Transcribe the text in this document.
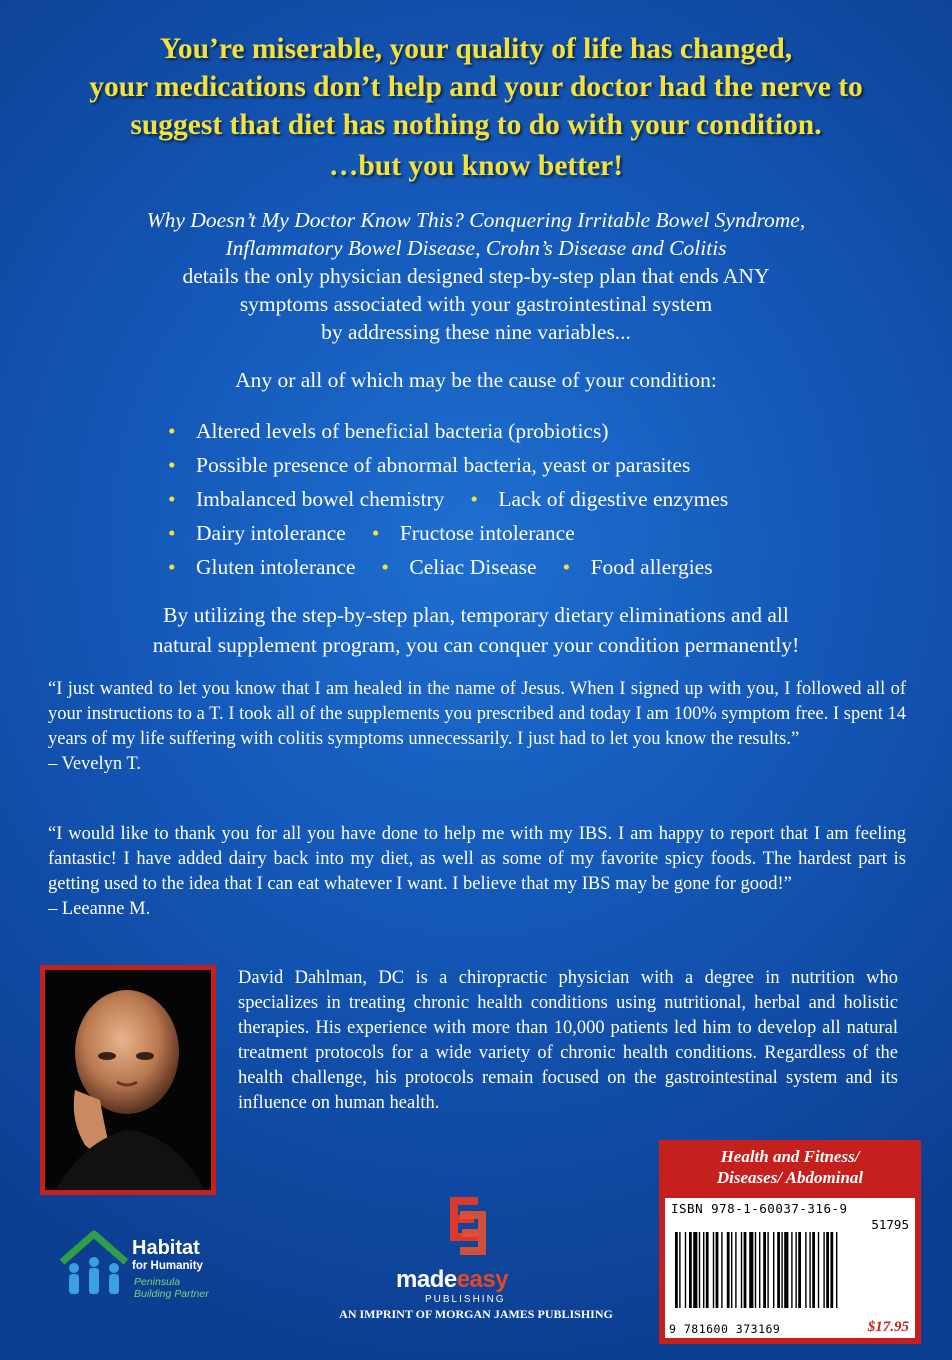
You’re miserable, your quality of life has changed,
your medications don’t help and your doctor had the nerve to
suggest that diet has nothing to do with your condition.
…but you know better!
Why Doesn’t My Doctor Know This? Conquering Irritable Bowel Syndrome,
Inflammatory Bowel Disease, Crohn’s Disease and Colitis
details the only physician designed step-by-step plan that ends ANY
symptoms associated with your gastrointestinal system
by addressing these nine variables...
Any or all of which may be the cause of your condition:
• Altered levels of beneficial bacteria (probiotics)
• Possible presence of abnormal bacteria, yeast or parasites
• Imbalanced bowel chemistry • Lack of digestive enzymes
• Dairy intolerance • Fructose intolerance
• Gluten intolerance • Celiac Disease • Food allergies
By utilizing the step-by-step plan, temporary dietary eliminations and all
natural supplement program, you can conquer your condition permanently!
“I just wanted to let you know that I am healed in the name of Jesus. When I signed up with you, I followed all of your instructions to a T. I took all of the supplements you prescribed and today I am 100% symptom free. I spent 14 years of my life suffering with colitis symptoms unnecessarily. I just had to let you know the results.”
– Vevelyn T.
“I would like to thank you for all you have done to help me with my IBS. I am happy to report that I am feeling fantastic! I have added dairy back into my diet, as well as some of my favorite spicy foods. The hardest part is getting used to the idea that I can eat whatever I want. I believe that my IBS may be gone for good!”
– Leeanne M.
David Dahlman, DC is a chiropractic physician with a degree in nutrition who specializes in treating chronic health conditions using nutritional, herbal and holistic therapies. His experience with more than 10,000 patients led him to develop all natural treatment protocols for a wide variety of chronic health conditions. Regardless of the health challenge, his protocols remain focused on the gastrointestinal system and its influence on human health.
Health and Fitness/
Diseases/ Abdominal
ISBN 978-1-60037-316-9
51795
9 781600 373169	$17.95
Habitat
for Humanity
Peninsula
Building Partner
madeeasy
PUBLISHING
AN IMPRINT OF MORGAN JAMES PUBLISHING
